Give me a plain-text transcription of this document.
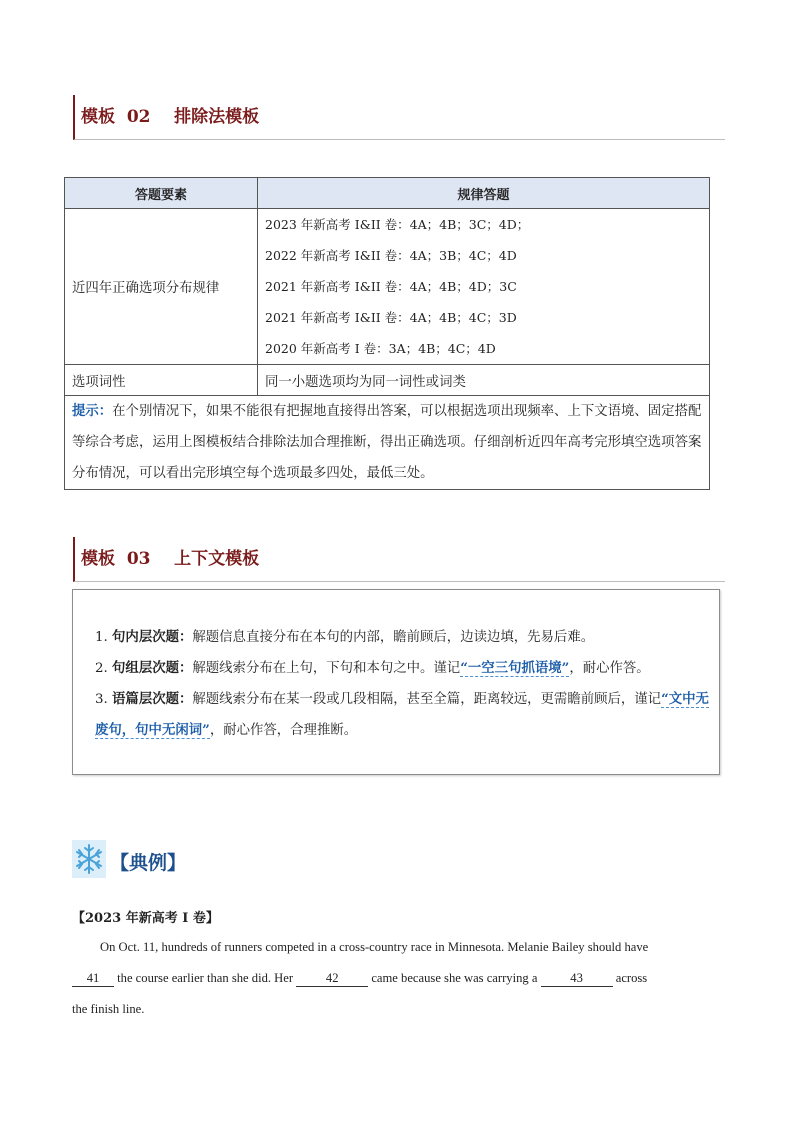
模板  02    排除法模板
答题要素	规律答题
近四年正确选项分布规律	2023 年新高考 I&II 卷：4A；4B；3C；4D；
2022 年新高考 I&II 卷：4A；3B；4C；4D
2021 年新高考 I&II 卷：4A；4B；4D；3C
2021 年新高考 I&II 卷：4A；4B；4C；3D
2020 年新高考 I 卷：3A；4B；4C；4D

选项词性	同一小题选项均为同一词性或词类
提示：在个别情况下，如果不能很有把握地直接得出答案，可以根据选项出现频率、上下文语境、固定搭配等综合考虑，运用上图模板结合排除法加合理推断，得出正确选项。仔细剖析近四年高考完形填空选项答案分布情况，可以看出完形填空每个选项最多四处，最低三处。	
模板  03    上下文模板
1. 句内层次题：解题信息直接分布在本句的内部，瞻前顾后，边读边填，先易后难。
2. 句组层次题：解题线索分布在上句，下句和本句之中。谨记“一空三句抓语境”，耐心作答。
3. 语篇层次题：解题线索分布在某一段或几段相隔，甚至全篇，距离较远，更需瞻前顾后，谨记“文中无废句，句中无闲词”，耐心作答，合理推断。
【典例】
【2023 年新高考 I 卷】
On Oct. 11, hundreds of runners competed in a cross-country race in Minnesota. Melanie Bailey should have
41 the course earlier than she did. Her 42 came because she was carrying a 43 across
the finish line.
